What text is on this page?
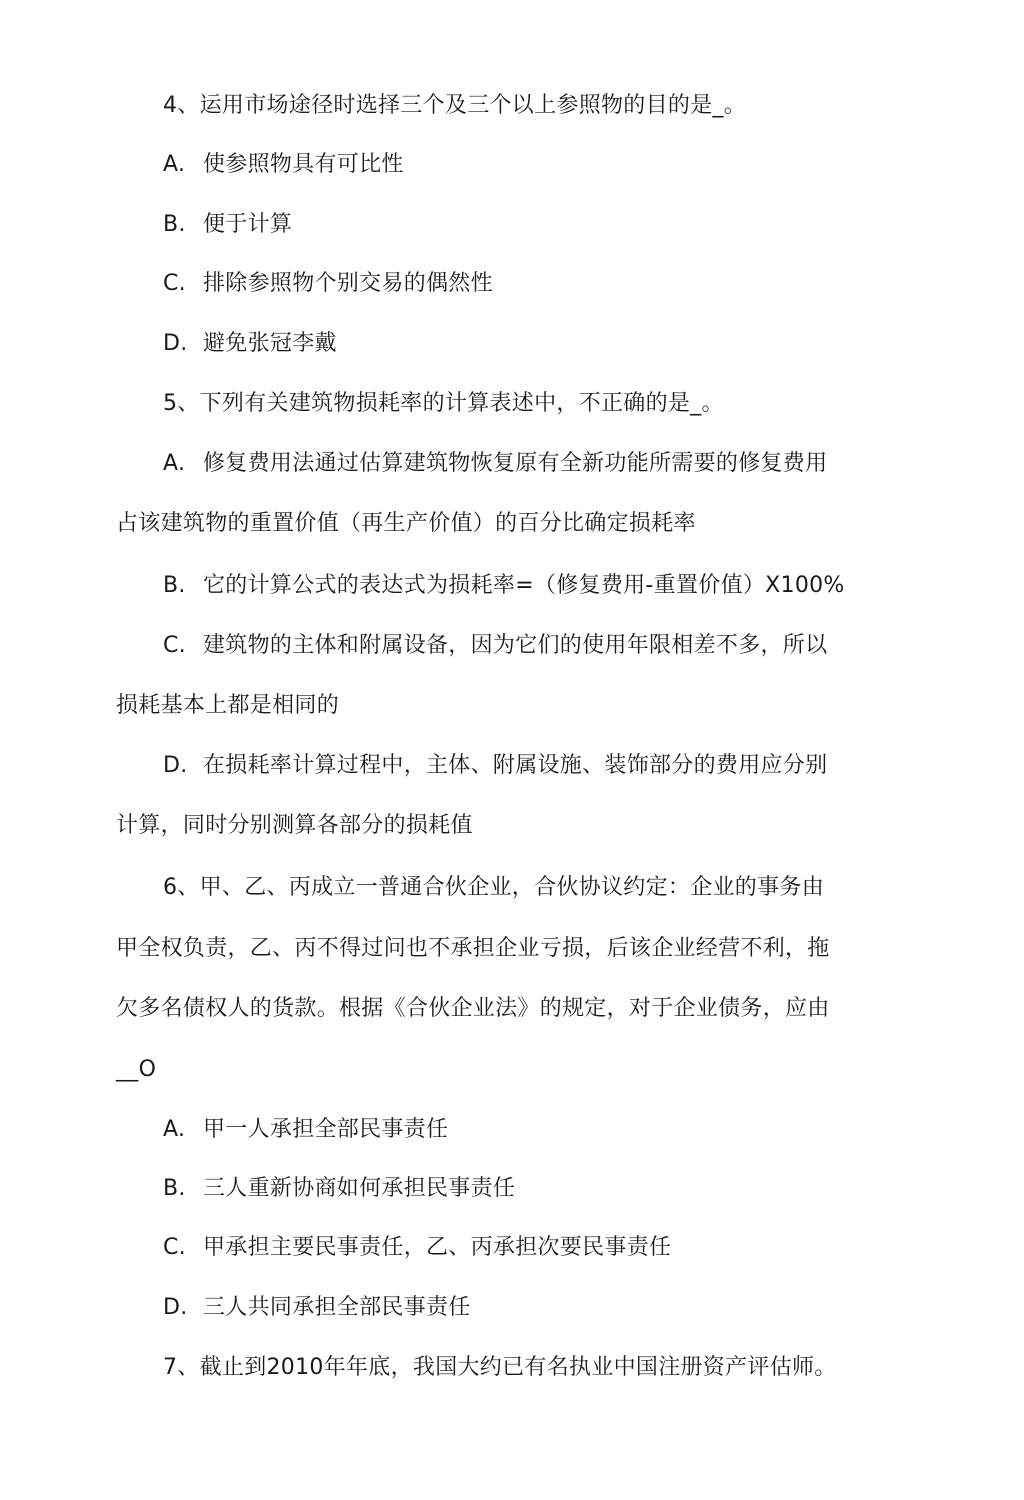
4、运用市场途径时选择三个及三个以上参照物的目的是_。
A. 使参照物具有可比性
B. 便于计算
C. 排除参照物个别交易的偶然性
D. 避免张冠李戴
5、下列有关建筑物损耗率的计算表述中，不正确的是_。
A. 修复费用法通过估算建筑物恢复原有全新功能所需要的修复费用
占该建筑物的重置价值（再生产价值）的百分比确定损耗率
B. 它的计算公式的表达式为损耗率=（修复费用-重置价值）X100%
C. 建筑物的主体和附属设备，因为它们的使用年限相差不多，所以
损耗基本上都是相同的
D. 在损耗率计算过程中，主体、附属设施、装饰部分的费用应分别
计算，同时分别测算各部分的损耗值
6、甲、乙、丙成立一普通合伙企业，合伙协议约定：企业的事务由
甲全权负责，乙、丙不得过问也不承担企业亏损，后该企业经营不利，拖
欠多名债权人的货款。根据《合伙企业法》的规定，对于企业债务，应由
__O
A. 甲一人承担全部民事责任
B. 三人重新协商如何承担民事责任
C. 甲承担主要民事责任，乙、丙承担次要民事责任
D. 三人共同承担全部民事责任
7、截止到2010年年底，我国大约已有名执业中国注册资产评估师。
